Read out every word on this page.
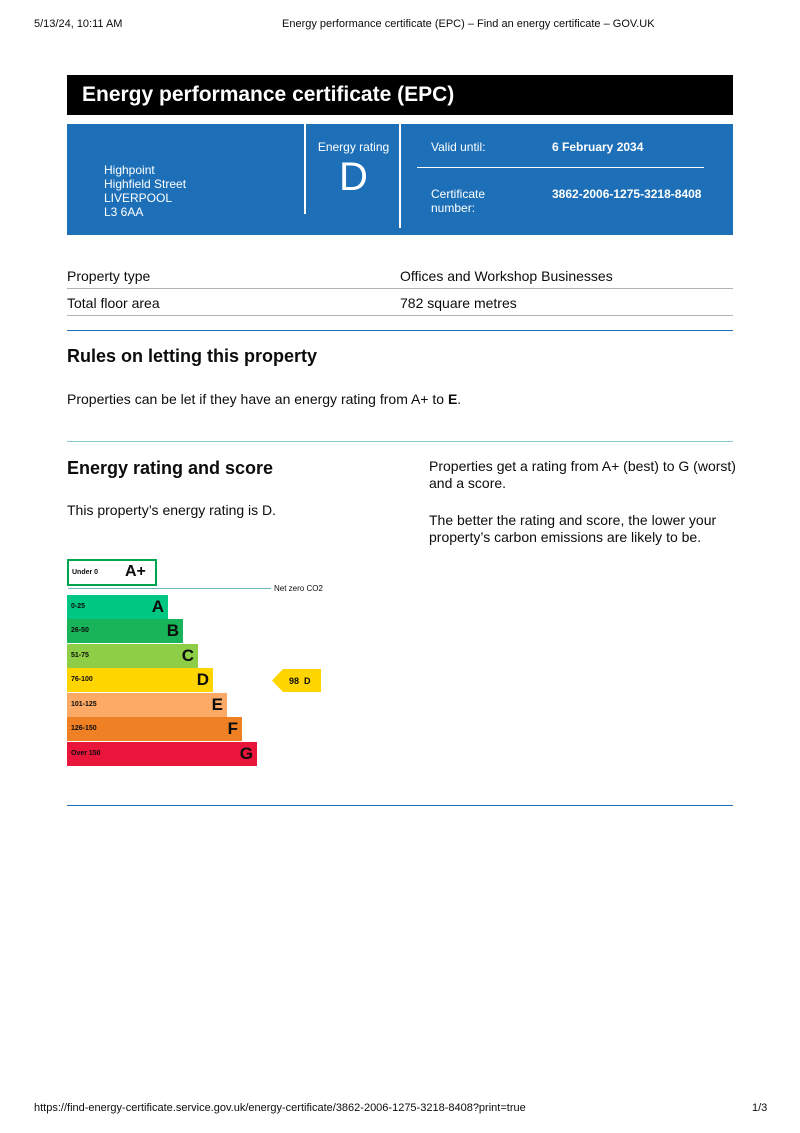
5/13/24, 10:11 AM	Energy performance certificate (EPC) – Find an energy certificate – GOV.UK
Energy performance certificate (EPC)
Highpoint
Highfield Street
LIVERPOOL
L3 6AA
Energy rating
D
Valid until:	6 February 2034
Certificate number:
3862-2006-1275-3218-8408
Property type	Offices and Workshop Businesses
Total floor area	782 square metres
Rules on letting this property
Properties can be let if they have an energy rating from A+ to E.
Energy rating and score
This property’s energy rating is D.
Properties get a rating from A+ (best) to G (worst) and a score.
The better the rating and score, the lower your property’s carbon emissions are likely to be.
Under 0 A+
Net zero CO2
0-25	A
26-50	B
51-75	C
76-100	D
101-125	E
126-150	F
Over 150	G
98 D
https://find-energy-certificate.service.gov.uk/energy-certificate/3862-2006-1275-3218-8408?print=true	1/3
